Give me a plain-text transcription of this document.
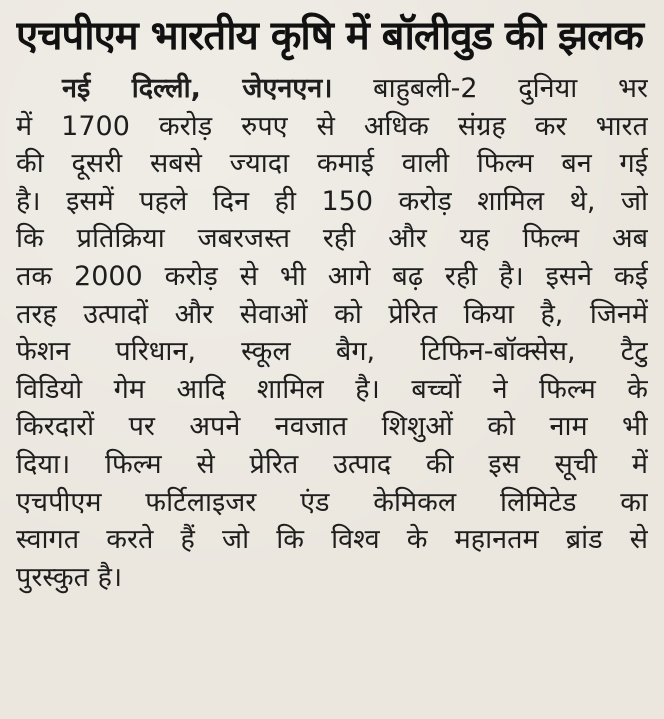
एचपीएम भारतीय कृषि में बॉलीवुड की झलक
नई दिल्ली, जेएनएन। बाहुबली-2 दुनिया भर
में 1700 करोड़ रुपए से अधिक संग्रह कर भारत
की दूसरी सबसे ज्यादा कमाई वाली फिल्म बन गई
है। इसमें पहले दिन ही 150 करोड़ शामिल थे, जो
कि प्रतिक्रिया जबरजस्त रही और यह फिल्म अब
तक 2000 करोड़ से भी आगे बढ़ रही है। इसने कई
तरह उत्पादों और सेवाओं को प्रेरित किया है, जिनमें
फेशन परिधान, स्कूल बैग, टिफिन-बॉक्सेस, टैटु
विडियो गेम आदि शामिल है। बच्चों ने फिल्म के
किरदारों पर अपने नवजात शिशुओं को नाम भी
दिया। फिल्म से प्रेरित उत्पाद की इस सूची में
एचपीएम फर्टिलाइजर एंड केमिकल लिमिटेड का
स्वागत करते हैं जो कि विश्व के महानतम ब्रांड से
पुरस्कुत है।
